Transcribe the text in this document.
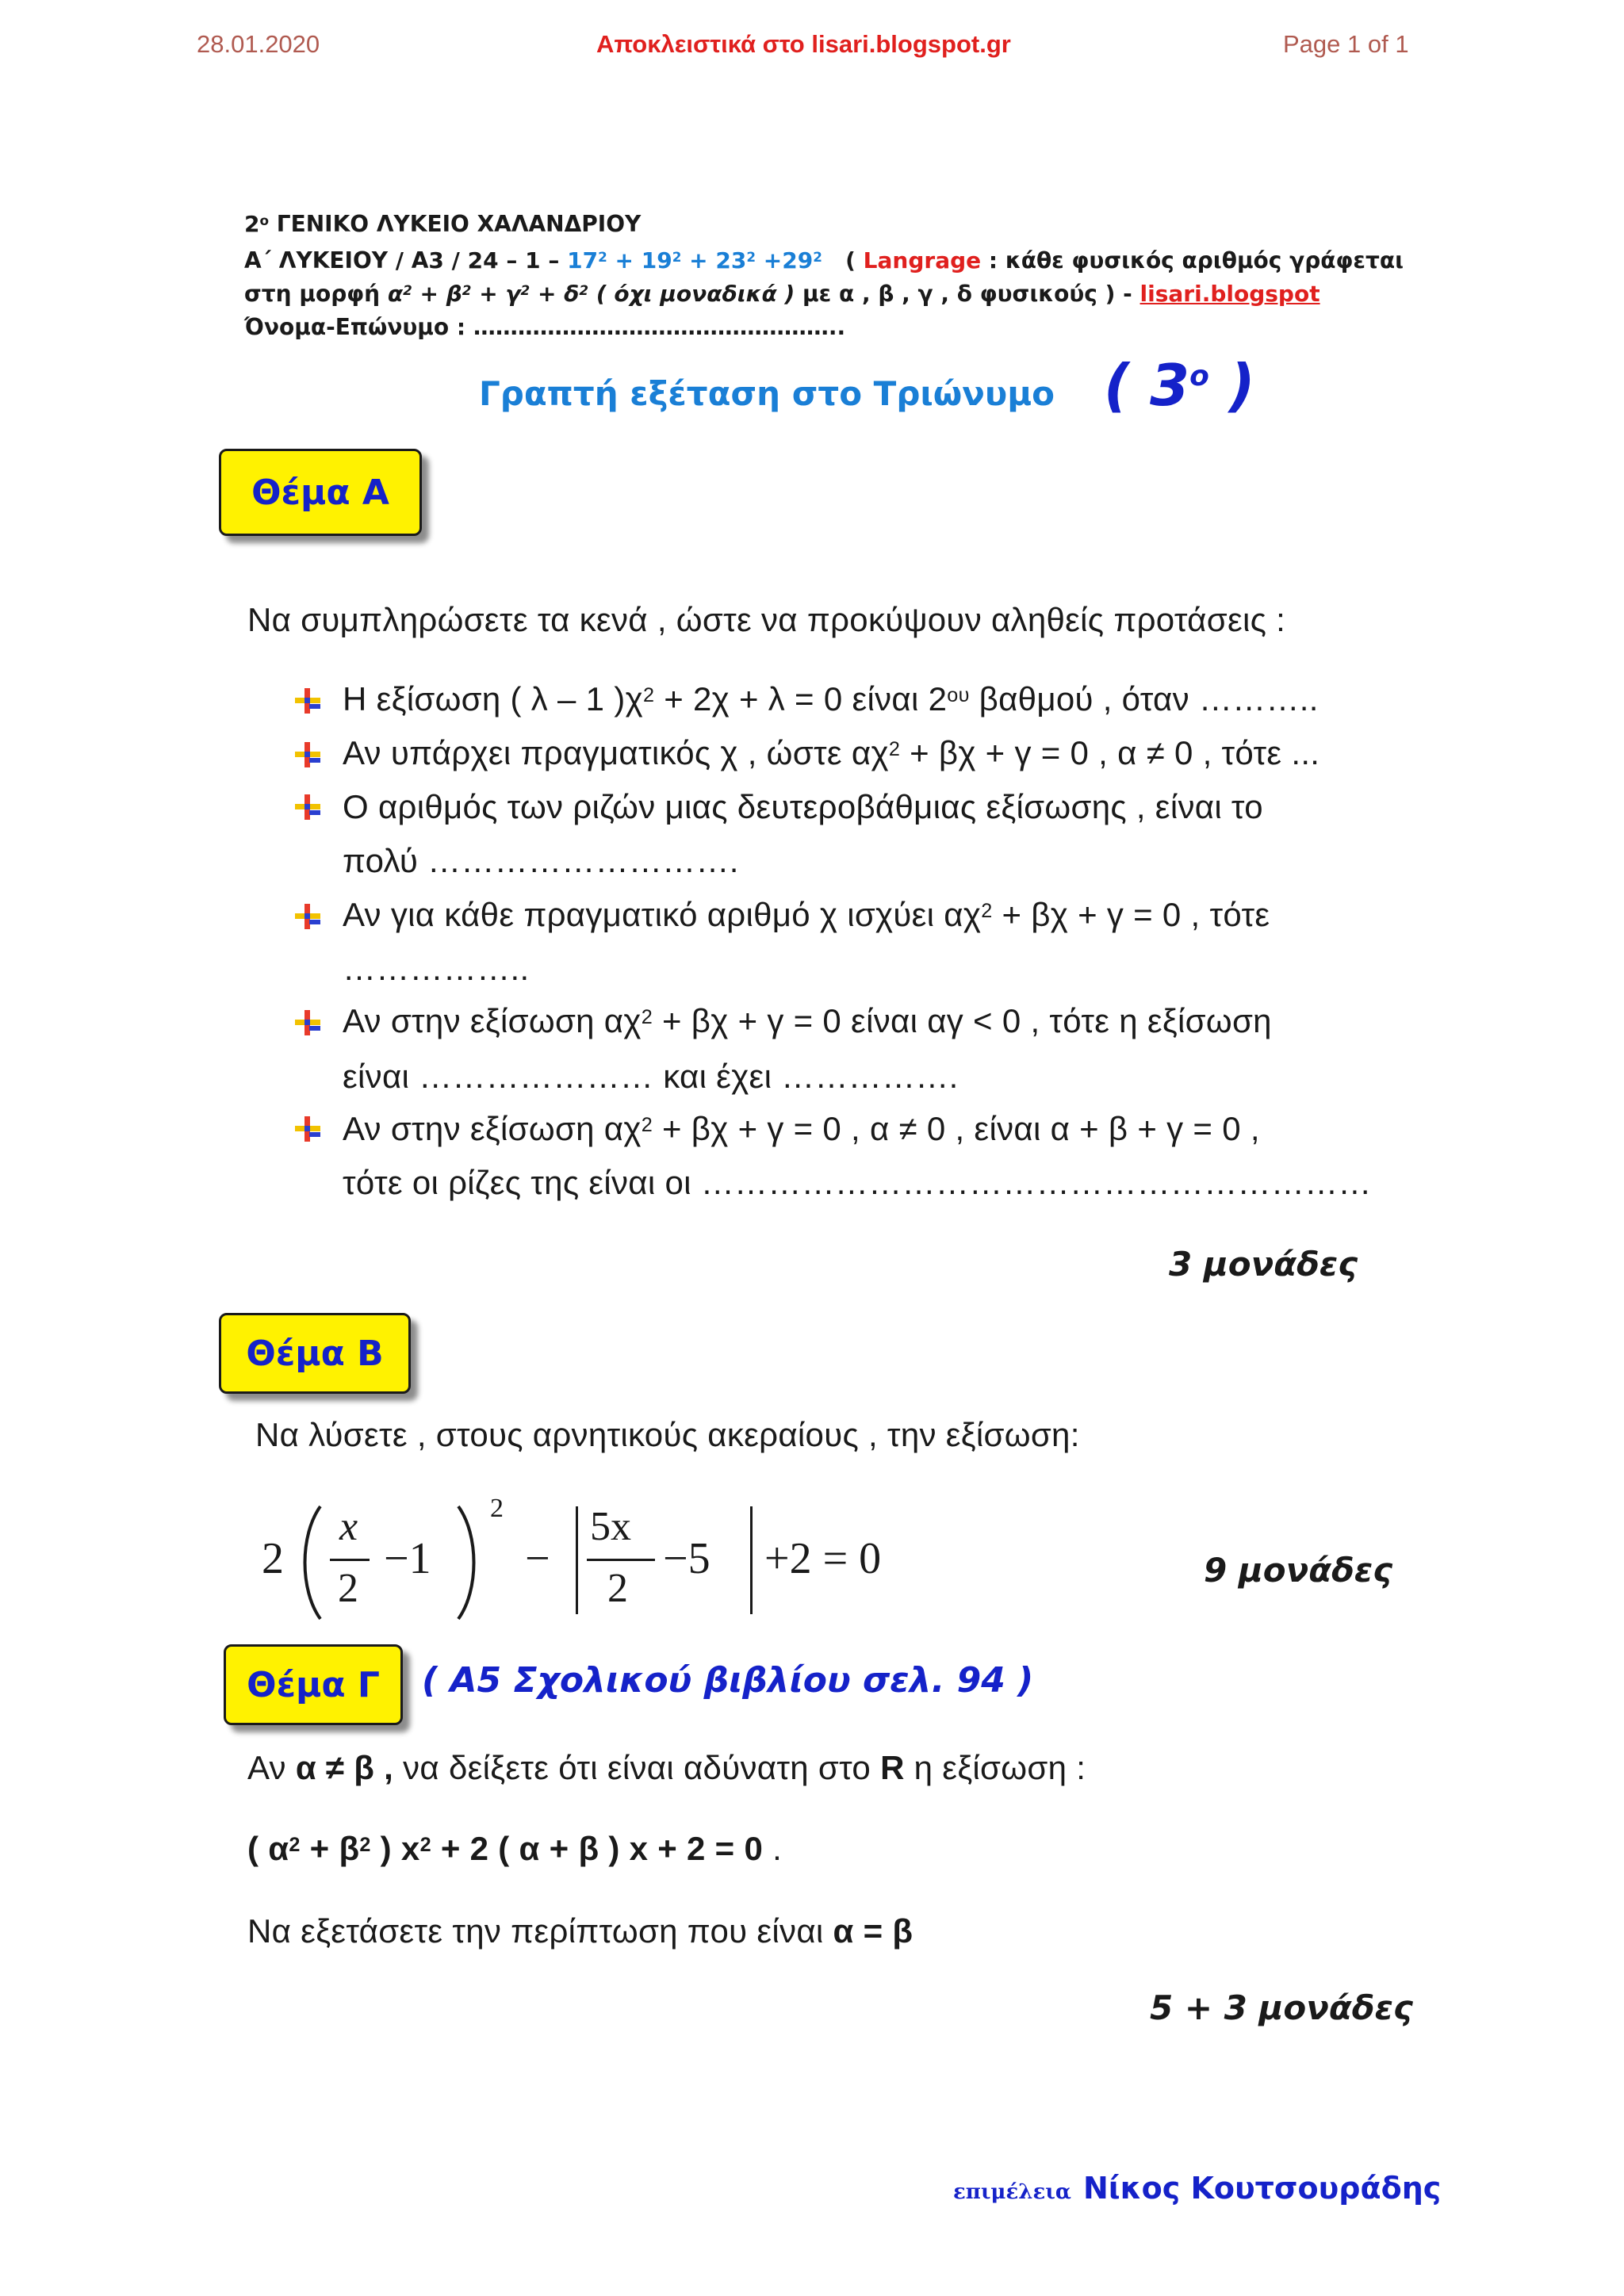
28.01.2020	Αποκλειστικά στο lisari.blogspot.gr	Page 1 of 1
$2^o$ ΓΕΝΙΚΟ ΛΥΚΕΙΟ ΧΑΛΑΝΔΡΙΟΥ
Α΄ $\Lambda\Upsilon KEIO\Upsilon / A3 / 24 - 1 - 17^2 + 19^2 + 23^2 +29^2$ ( Langrage : κάθε φυσικός αριθμός γράφεται
στη μορφή $\alpha^2 + \beta^2 + \gamma^2 + \delta^2$ ( όχι μοναδικά ) με α , β , γ , δ φυσικούς ) - lisari.blogspot
Όνομα-Επώνυμο : …………………………………………..
Γραπτή εξέταση στο Τριώνυμο ( $3^o$ )
Θέμα Α
Να συμπληρώσετε τα κενά , ώστε να προκύψουν αληθείς προτάσεις :
Η εξίσωση ( λ – 1 )$\chi^2 + 2\chi + \lambda = 0$ είναι $2^{o\upsilon}$ βαθμού , όταν ………..
Αν υπάρχει πραγματικός χ , ώστε $\alpha\chi^2 + \beta\chi + \gamma = 0$ , α ≠ 0 , τότε ...
Ο αριθμός των ριζών μιας δευτεροβάθμιας εξίσωσης , είναι το
πολύ ……………………….
Αν για κάθε πραγματικό αριθμό χ ισχύει $\alpha\chi^2 + \beta\chi + \gamma = 0$ , τότε
……………..
Αν στην εξίσωση $\alpha\chi^2 + \beta\chi + \gamma = 0$ είναι αγ < 0 , τότε η εξίσωση
είναι ………………… και έχει …………….
Αν στην εξίσωση $\alpha\chi^2 + \beta\chi + \gamma = 0$ , α ≠ 0 , είναι α + β + γ = 0 ,
τότε οι ρίζες της είναι οι ……………………………………………………
3 μονάδες
Θέμα Β
Να λύσετε , στους αρνητικούς ακεραίους , την εξίσωση:
2
x
2
−1
2
−
5x
2
−5 +2 = 0	9 μονάδες
Θέμα Γ	( Α5 Σχολικού βιβλίου σελ. 94 )
Αν α ≠ β , να δείξετε ότι είναι αδύνατη στο R η εξίσωση :
( $\alpha^2 + \beta^2$ ) $x^2 + 2$ ( α + β ) x + 2 = 0 .
Να εξετάσετε την περίπτωση που είναι α = β
5 + 3 μονάδες
επιμέλεια Νίκος Κουτσουράδης
